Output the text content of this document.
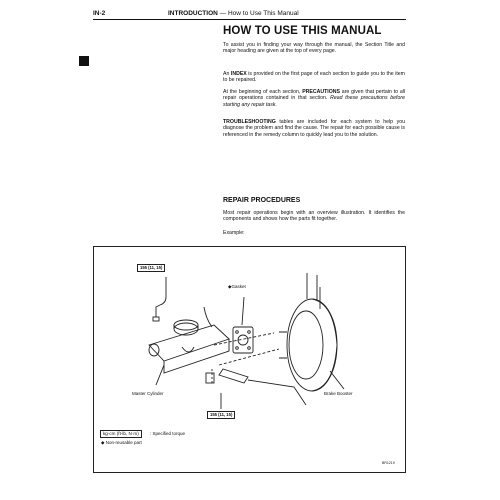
IN-2	INTRODUCTION — How to Use This Manual
HOW TO USE THIS MANUAL
To assist you in finding your way through the manual, the Section Title and major heading are given at the top of every page.
An INDEX is provided on the first page of each section to guide you to the item to be repaired.
At the beginning of each section, PRECAUTIONS are given that pertain to all repair operations contained in that section. Read these precautions before starting any repair task.
TROUBLESHOOTING tables are included for each system to help you diagnose the problem and find the cause. The repair for each possible cause is referenced in the remedy column to quickly lead you to the solution.
REPAIR PROCEDURES
Most repair operations begin with an overview illustration. It identifies the components and shows how the parts fit together.
Example:
155 (11, 15)
◆Gasket
Master Cylinder	Brake Booster
155 (11, 15)
kg-cm (ft-lb, N·m)	: Specified torque
◆ Non-reusable part
BR1219
